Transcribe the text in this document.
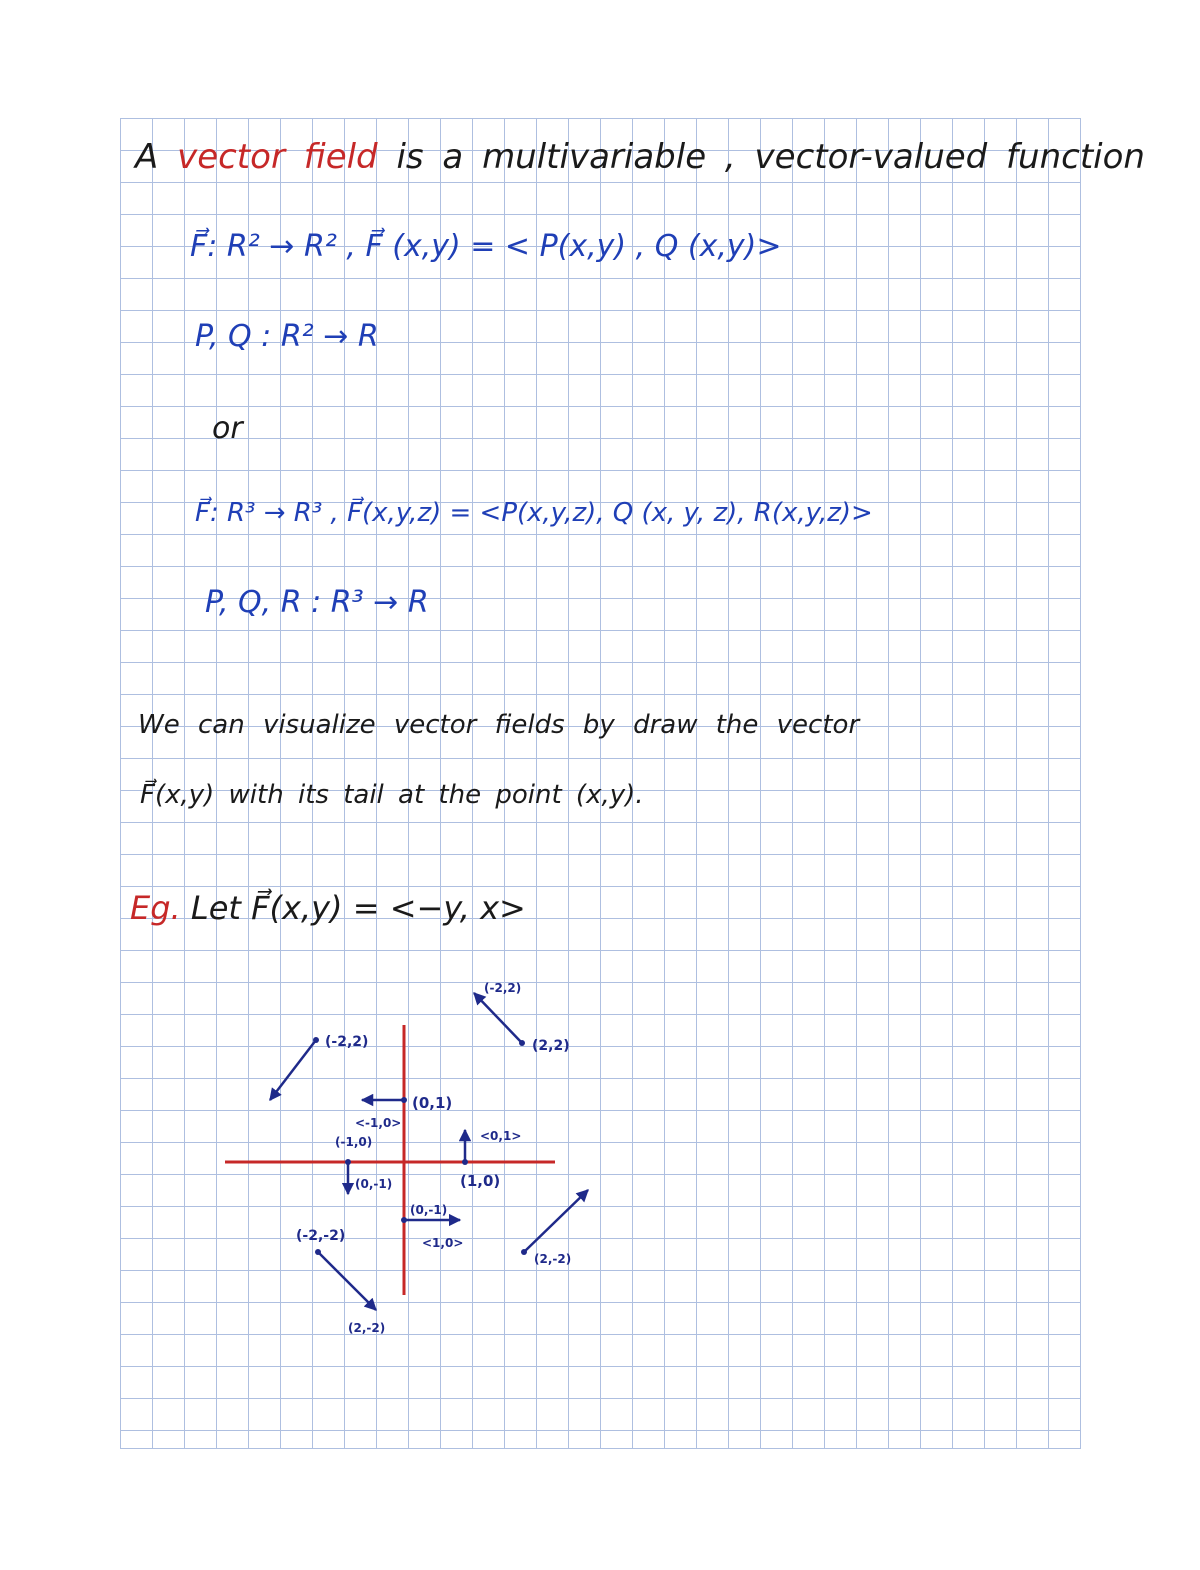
A vector field is a multivariable , vector-valued function
F⃗: R² → R² , F⃗ (x,y) = < P(x,y) , Q (x,y)>
P, Q : R² → R
or
F⃗: R³ → R³ , F⃗(x,y,z) = <P(x,y,z), Q (x, y, z), R(x,y,z)>
P, Q, R : R³ → R
We can visualize vector fields by draw the vector
F⃗(x,y) with its tail at the point (x,y).
Eg. Let F⃗(x,y) = <−y, x>
(0,1)
<-1,0>
(-1,0)
(0,-1)
<0,1>
(1,0)
(0,-1)
<1,0>
(-2,2)
(-2,2)
(2,2)
(-2,-2)
(2,-2)
(2,-2)
